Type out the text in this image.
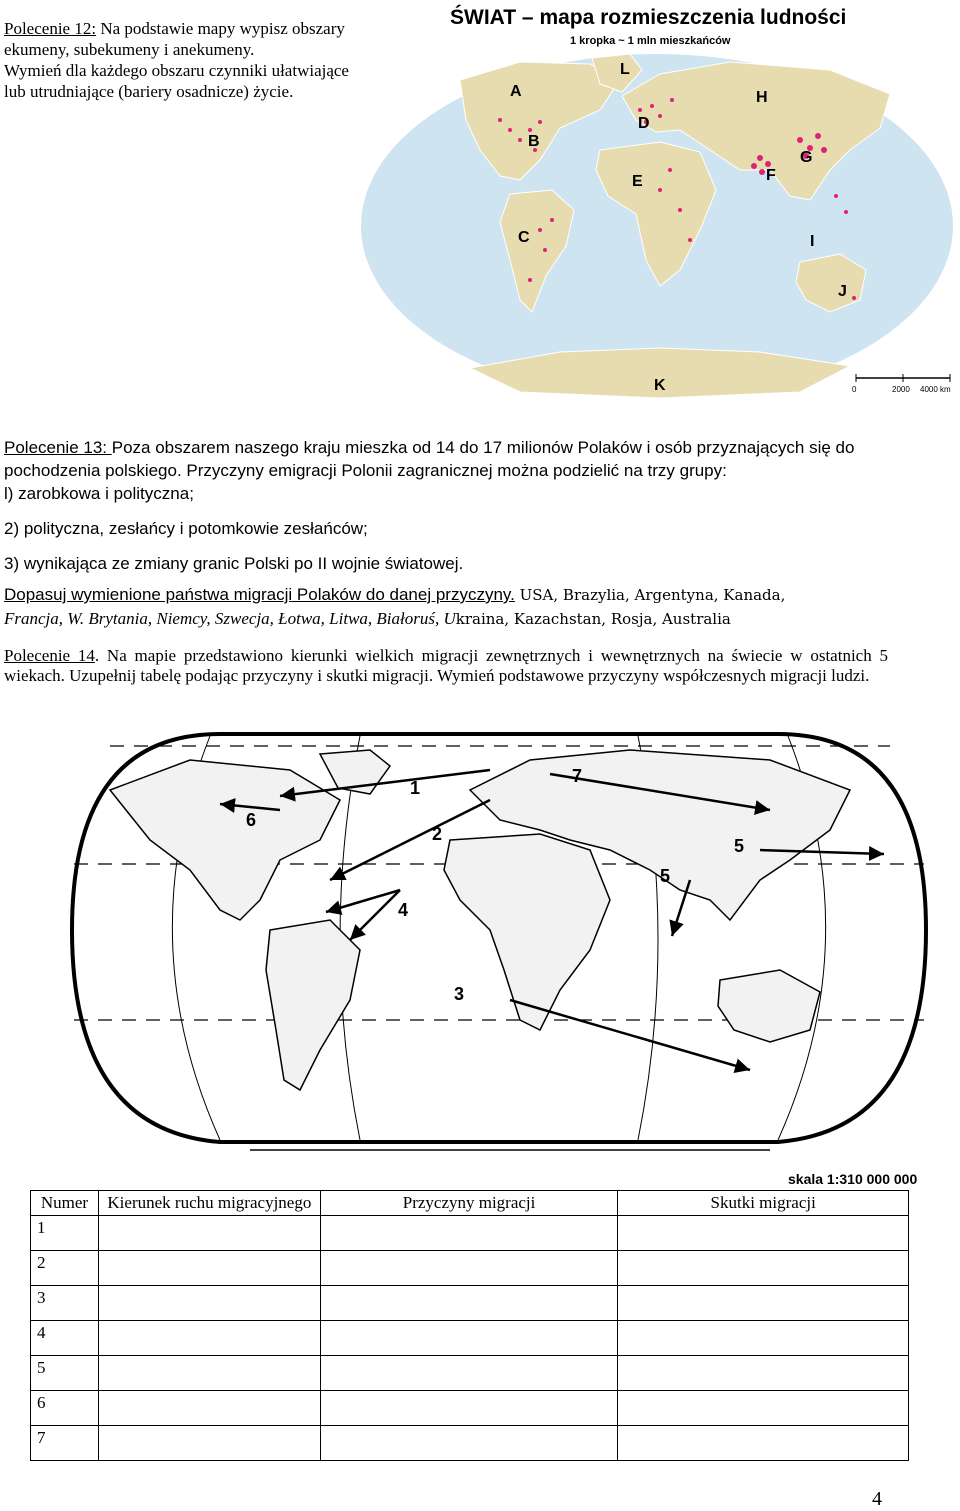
Polecenie 12: Na podstawie mapy wypisz obszary
ekumeny, subekumeny i anekumeny.
Wymień dla każdego obszaru czynniki ułatwiające
lub utrudniające (bariery osadnicze) życie.
ŚWIAT – mapa rozmieszczenia ludności
1 kropka ~ 1 mln mieszkańców
A
B
C
D
E	F
G
H
I
J
K
L
0	2000 4000 km
Polecenie 13: Poza obszarem naszego kraju mieszka od 14 do 17 milionów Polaków i osób przyznających się do
pochodzenia polskiego. Przyczyny emigracji Polonii zagranicznej można podzielić na trzy grupy:
l) zarobkowa i polityczna;
2) polityczna, zesłańcy i potomkowie zesłańców;
3) wynikająca ze zmiany granic Polski po II wojnie światowej.
Dopasuj wymienione państwa migracji Polaków do danej przyczyny. USA, Brazylia, Argentyna, Kanada,
Francja, W. Brytania, Niemcy, Szwecja, Łotwa, Litwa, Białoruś, Ukraina, Kazachstan, Rosja, Australia
Polecenie 14. Na mapie przedstawiono kierunki wielkich migracji zewnętrznych i wewnętrznych na świecie w ostatnich 5 wiekach. Uzupełnij tabelę podając przyczyny i skutki migracji. Wymień podstawowe przyczyny współczesnych migracji ludzi.
1
2
3
4
5
5
6
7
skala 1:310 000 000
Numer	Kierunek ruchu migracyjnego	Przyczyny migracji	Skutki migracji
1			
2			
3			
4			
5			
6			
7			
4
